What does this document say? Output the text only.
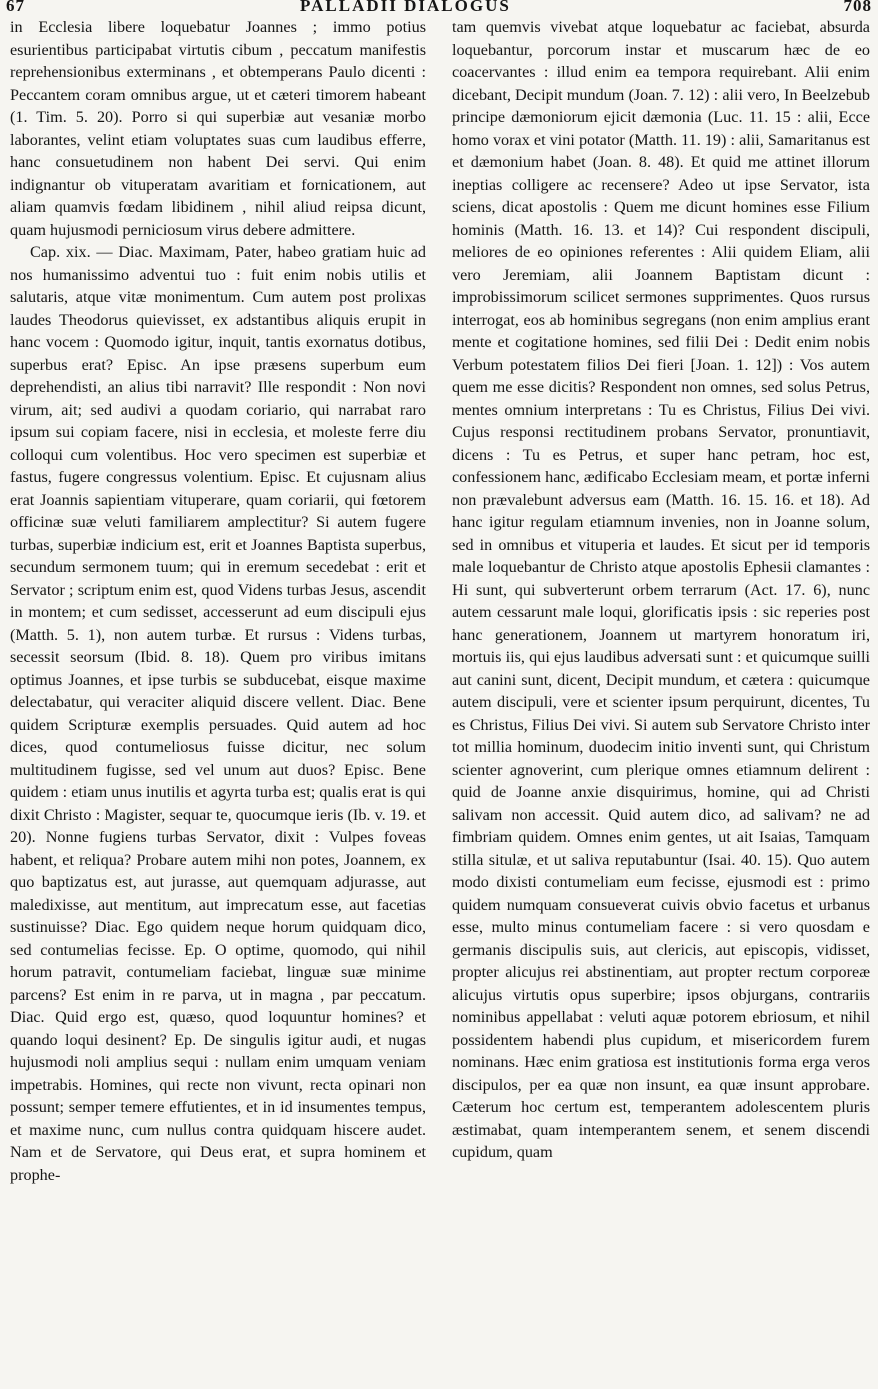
67	PALLADII DIALOGUS	708

in Ecclesia libere loquebatur Joannes ; immo potius esurientibus participabat virtutis cibum , peccatum manifestis reprehensionibus exterminans , et obtemperans Paulo dicenti : Peccantem coram omnibus argue, ut et cæteri timorem habeant (1. Tim. 5. 20). Porro si qui superbiæ aut vesaniæ morbo laborantes, velint etiam voluptates suas cum laudibus efferre, hanc consuetudinem non habent Dei servi. Qui enim indignantur ob vituperatam avaritiam et fornicationem, aut aliam quamvis fœdam libidinem , nihil aliud reipsa dicunt, quam hujusmodi perniciosum virus debere admittere.

Cap. xix. — Diac. Maximam, Pater, habeo gratiam huic ad nos humanissimo adventui tuo : fuit enim nobis utilis et salutaris, atque vitæ monimentum. Cum autem post prolixas laudes Theodorus quievisset, ex adstantibus aliquis erupit in hanc vocem : Quomodo igitur, inquit, tantis exornatus dotibus, superbus erat? Episc. An ipse præsens superbum eum deprehendisti, an alius tibi narravit? Ille respondit : Non novi virum, ait; sed audivi a quodam coriario, qui narrabat raro ipsum sui copiam facere, nisi in ecclesia, et moleste ferre diu colloqui cum volentibus. Hoc vero specimen est superbiæ et fastus, fugere congressus volentium. Episc. Et cujusnam alius erat Joannis sapientiam vituperare, quam coriarii, qui fœtorem officinæ suæ veluti familiarem amplectitur? Si autem fugere turbas, superbiæ indicium est, erit et Joannes Baptista superbus, secundum sermonem tuum; qui in eremum secedebat : erit et Servator ; scriptum enim est, quod Videns turbas Jesus, ascendit in montem; et cum sedisset, accesserunt ad eum discipuli ejus (Matth. 5. 1), non autem turbæ. Et rursus : Videns turbas, secessit seorsum (Ibid. 8. 18). Quem pro viribus imitans optimus Joannes, et ipse turbis se subducebat, eisque maxime delectabatur, qui veraciter aliquid discere vellent. Diac. Bene quidem Scripturæ exemplis persuades. Quid autem ad hoc dices, quod contumeliosus fuisse dicitur, nec solum multitudinem fugisse, sed vel unum aut duos? Episc. Bene quidem : etiam unus inutilis et agyrta turba est; qualis erat is qui dixit Christo : Magister, sequar te, quocumque ieris (Ib. v. 19. et 20). Nonne fugiens turbas Servator, dixit : Vulpes foveas habent, et reliqua? Probare autem mihi non potes, Joannem, ex quo baptizatus est, aut jurasse, aut quemquam adjurasse, aut maledixisse, aut mentitum, aut imprecatum esse, aut facetias sustinuisse? Diac. Ego quidem neque horum quidquam dico, sed contumelias fecisse. Ep. O optime, quomodo, qui nihil horum patravit, contumeliam faciebat, linguæ suæ minime parcens? Est enim in re parva, ut in magna , par peccatum. Diac. Quid ergo est, quæso, quod loquuntur homines? et quando loqui desinent? Ep. De singulis igitur audi, et nugas hujusmodi noli amplius sequi : nullam enim umquam veniam impetrabis. Homines, qui recte non vivunt, recta opinari non possunt; semper temere effutientes, et in id insumentes tempus, et maxime nunc, cum nullus contra quidquam hiscere audet. Nam et de Servatore, qui Deus erat, et supra hominem et prophe-

tam quemvis vivebat atque loquebatur ac faciebat, absurda loquebantur, porcorum instar et muscarum hæc de eo coacervantes : illud enim ea tempora requirebant. Alii enim dicebant, Decipit mundum (Joan. 7. 12) : alii vero, In Beelzebub principe dæmoniorum ejicit dæmonia (Luc. 11. 15 : alii, Ecce homo vorax et vini potator (Matth. 11. 19) : alii, Samaritanus est et dæmonium habet (Joan. 8. 48). Et quid me attinet illorum ineptias colligere ac recensere? Adeo ut ipse Servator, ista sciens, dicat apostolis : Quem me dicunt homines esse Filium hominis (Matth. 16. 13. et 14)? Cui respondent discipuli, meliores de eo opiniones referentes : Alii quidem Eliam, alii vero Jeremiam, alii Joannem Baptistam dicunt : improbissimorum scilicet sermones supprimentes. Quos rursus interrogat, eos ab hominibus segregans (non enim amplius erant mente et cogitatione homines, sed filii Dei : Dedit enim nobis Verbum potestatem filios Dei fieri [Joan. 1. 12]) : Vos autem quem me esse dicitis? Respondent non omnes, sed solus Petrus, mentes omnium interpretans : Tu es Christus, Filius Dei vivi. Cujus responsi rectitudinem probans Servator, pronuntiavit, dicens : Tu es Petrus, et super hanc petram, hoc est, confessionem hanc, ædificabo Ecclesiam meam, et portæ inferni non prævalebunt adversus eam (Matth. 16. 15. 16. et 18). Ad hanc igitur regulam etiamnum invenies, non in Joanne solum, sed in omnibus et vituperia et laudes. Et sicut per id temporis male loquebantur de Christo atque apostolis Ephesii clamantes : Hi sunt, qui subverterunt orbem terrarum (Act. 17. 6), nunc autem cessarunt male loqui, glorificatis ipsis : sic reperies post hanc generationem, Joannem ut martyrem honoratum iri, mortuis iis, qui ejus laudibus adversati sunt : et quicumque suilli aut canini sunt, dicent, Decipit mundum, et cætera : quicumque autem discipuli, vere et scienter ipsum perquirunt, dicentes, Tu es Christus, Filius Dei vivi. Si autem sub Servatore Christo inter tot millia hominum, duodecim initio inventi sunt, qui Christum scienter agnoverint, cum plerique omnes etiamnum delirent : quid de Joanne anxie disquirimus, homine, qui ad Christi salivam non accessit. Quid autem dico, ad salivam? ne ad fimbriam quidem. Omnes enim gentes, ut ait Isaias, Tamquam stilla situlæ, et ut saliva reputabuntur (Isai. 40. 15). Quo autem modo dixisti contumeliam eum fecisse, ejusmodi est : primo quidem numquam consueverat cuivis obvio facetus et urbanus esse, multo minus contumeliam facere : si vero quosdam e germanis discipulis suis, aut clericis, aut episcopis, vidisset, propter alicujus rei abstinentiam, aut propter rectum corporeæ alicujus virtutis opus superbire; ipsos objurgans, contrariis nominibus appellabat : veluti aquæ potorem ebriosum, et nihil possidentem habendi plus cupidum, et misericordem furem nominans. Hæc enim gratiosa est institutionis forma erga veros discipulos, per ea quæ non insunt, ea quæ insunt approbare. Cæterum hoc certum est, temperantem adolescentem pluris æstimabat, quam intemperantem senem, et senem discendi cupidum, quam
